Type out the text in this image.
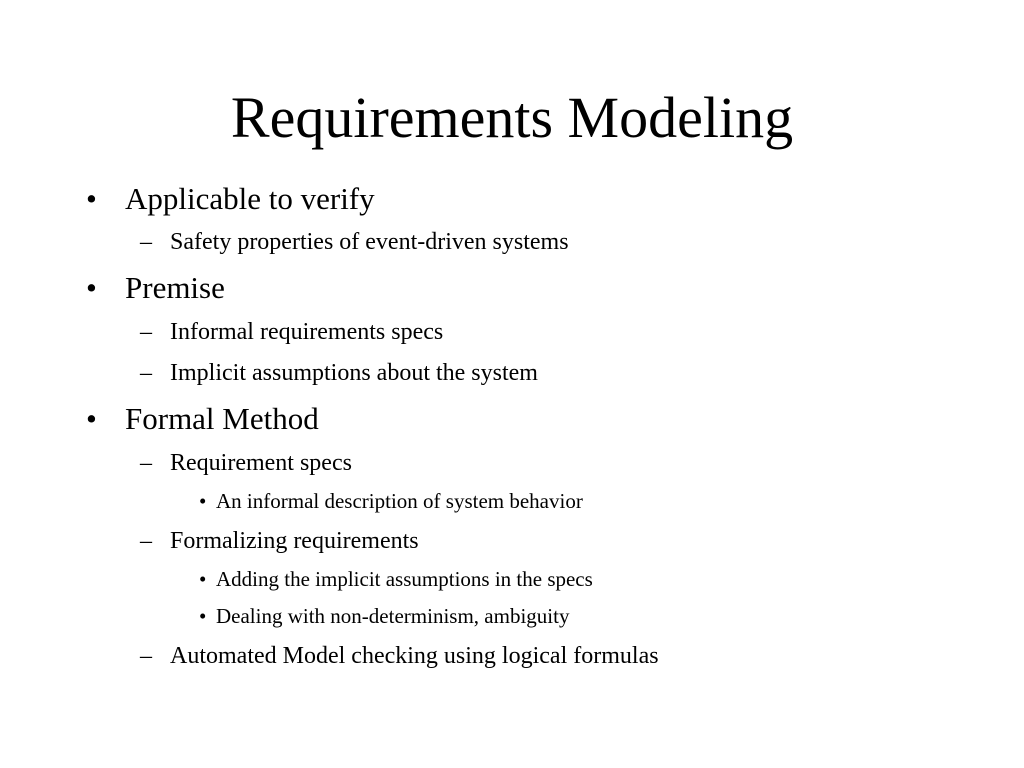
Requirements Modeling
• Applicable to verify
– Safety properties of event-driven systems
• Premise
– Informal requirements specs
– Implicit assumptions about the system
• Formal Method
– Requirement specs
• An informal description of system behavior
– Formalizing requirements
• Adding the implicit assumptions in the specs
• Dealing with non-determinism, ambiguity
– Automated Model checking using logical formulas
